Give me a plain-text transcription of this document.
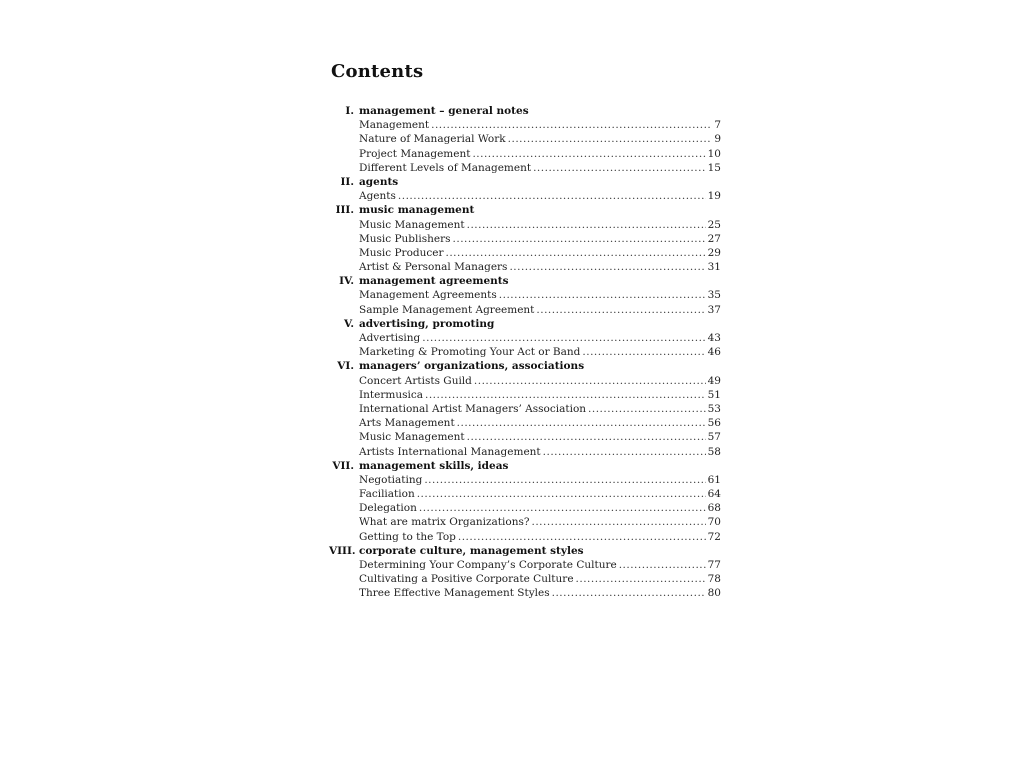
Contents
I. management – general notes
Management .....	7
Nature of Managerial Work .....	9
Project Management .....	10
Different Levels of Management .....	15
II. agents
Agents .....	19
III. music management
Music Management .....	25
Music Publishers .....	27
Music Producer .....	29
Artist & Personal Managers .....	31
IV. management agreements
Management Agreements .....	35
Sample Management Agreement .....	37
V. advertising, promoting
Advertising .....	43
Marketing & Promoting Your Act or Band .....	46
VI. managers’ organizations, associations
Concert Artists Guild .....	49
Intermusica .....	51
International Artist Managers’ Association .....	53
Arts Management .....	56
Music Management .....	57
Artists International Management .....	58
VII. management skills, ideas
Negotiating .....	61
Faciliation .....	64
Delegation .....	68
What are matrix Organizations? .....	70
Getting to the Top .....	72
VIII. corporate culture, management styles
Determining Your Company’s Corporate Culture .....	77
Cultivating a Positive Corporate Culture .....	78
Three Effective Management Styles .....	80
